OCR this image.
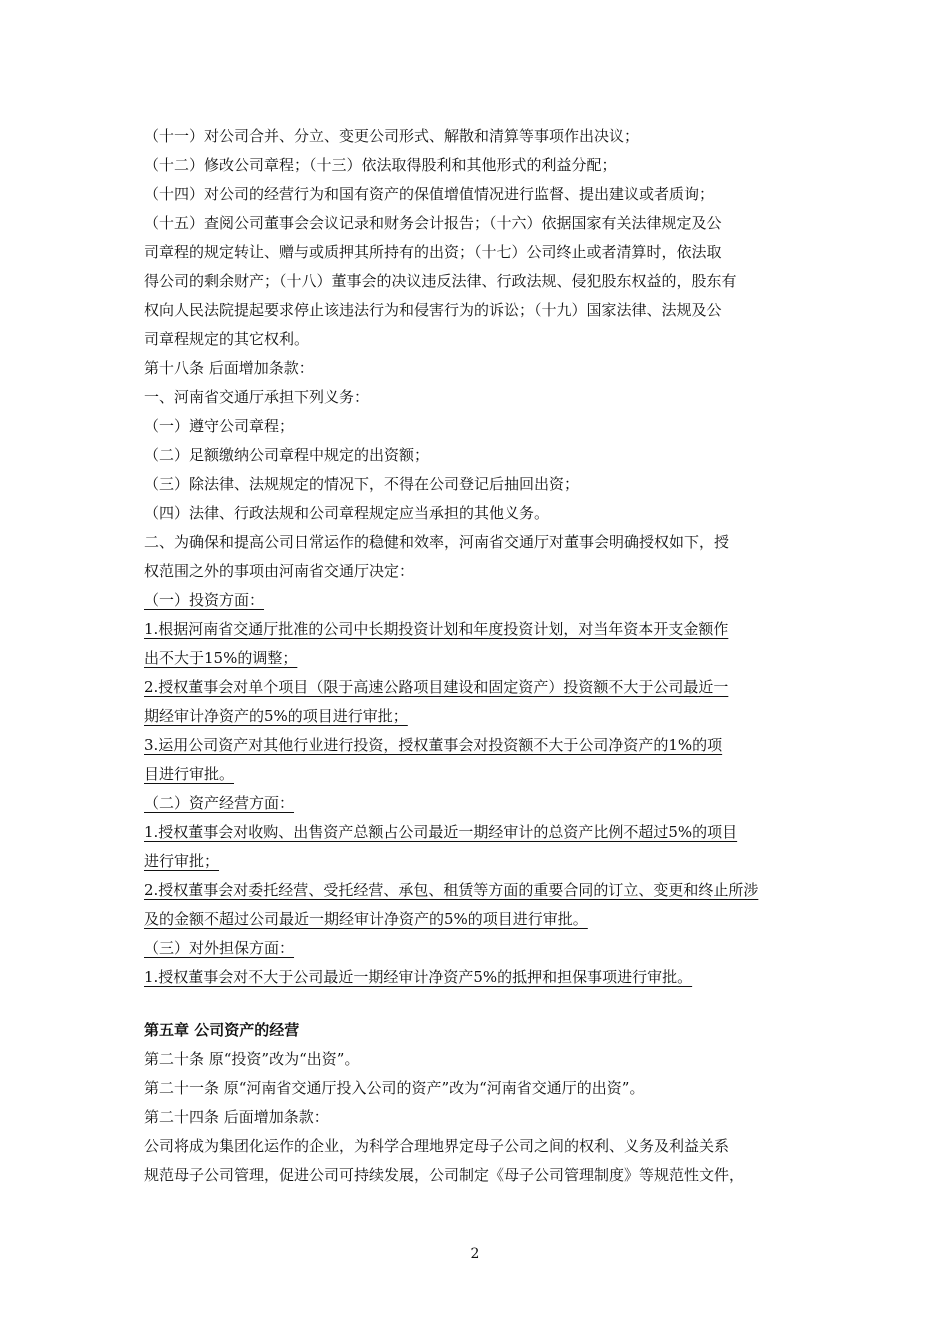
（十一）对公司合并、分立、变更公司形式、解散和清算等事项作出决议；
（十二）修改公司章程；（十三）依法取得股利和其他形式的利益分配；
（十四）对公司的经营行为和国有资产的保值增值情况进行监督、提出建议或者质询；
（十五）查阅公司董事会会议记录和财务会计报告；（十六）依据国家有关法律规定及公
司章程的规定转让、赠与或质押其所持有的出资；（十七）公司终止或者清算时，依法取
得公司的剩余财产；（十八）董事会的决议违反法律、行政法规、侵犯股东权益的，股东有
权向人民法院提起要求停止该违法行为和侵害行为的诉讼；（十九）国家法律、法规及公
司章程规定的其它权利。
第十八条 后面增加条款：
一、河南省交通厅承担下列义务：
（一）遵守公司章程；
（二）足额缴纳公司章程中规定的出资额；
（三）除法律、法规规定的情况下，不得在公司登记后抽回出资；
（四）法律、行政法规和公司章程规定应当承担的其他义务。
二、为确保和提高公司日常运作的稳健和效率，河南省交通厅对董事会明确授权如下，授
权范围之外的事项由河南省交通厅决定：
（一）投资方面：
1.根据河南省交通厅批准的公司中长期投资计划和年度投资计划，对当年资本开支金额作
出不大于15%的调整；
2.授权董事会对单个项目（限于高速公路项目建设和固定资产）投资额不大于公司最近一
期经审计净资产的5%的项目进行审批；
3.运用公司资产对其他行业进行投资，授权董事会对投资额不大于公司净资产的1%的项
目进行审批。
（二）资产经营方面：
1.授权董事会对收购、出售资产总额占公司最近一期经审计的总资产比例不超过5%的项目
进行审批；
2.授权董事会对委托经营、受托经营、承包、租赁等方面的重要合同的订立、变更和终止所涉
及的金额不超过公司最近一期经审计净资产的5%的项目进行审批。
（三）对外担保方面：
1.授权董事会对不大于公司最近一期经审计净资产5%的抵押和担保事项进行审批。
第五章 公司资产的经营
第二十条 原“投资”改为“出资”。
第二十一条 原“河南省交通厅投入公司的资产”改为“河南省交通厅的出资”。
第二十四条 后面增加条款：
公司将成为集团化运作的企业，为科学合理地界定母子公司之间的权利、义务及利益关系
规范母子公司管理，促进公司可持续发展，公司制定《母子公司管理制度》等规范性文件，
2
